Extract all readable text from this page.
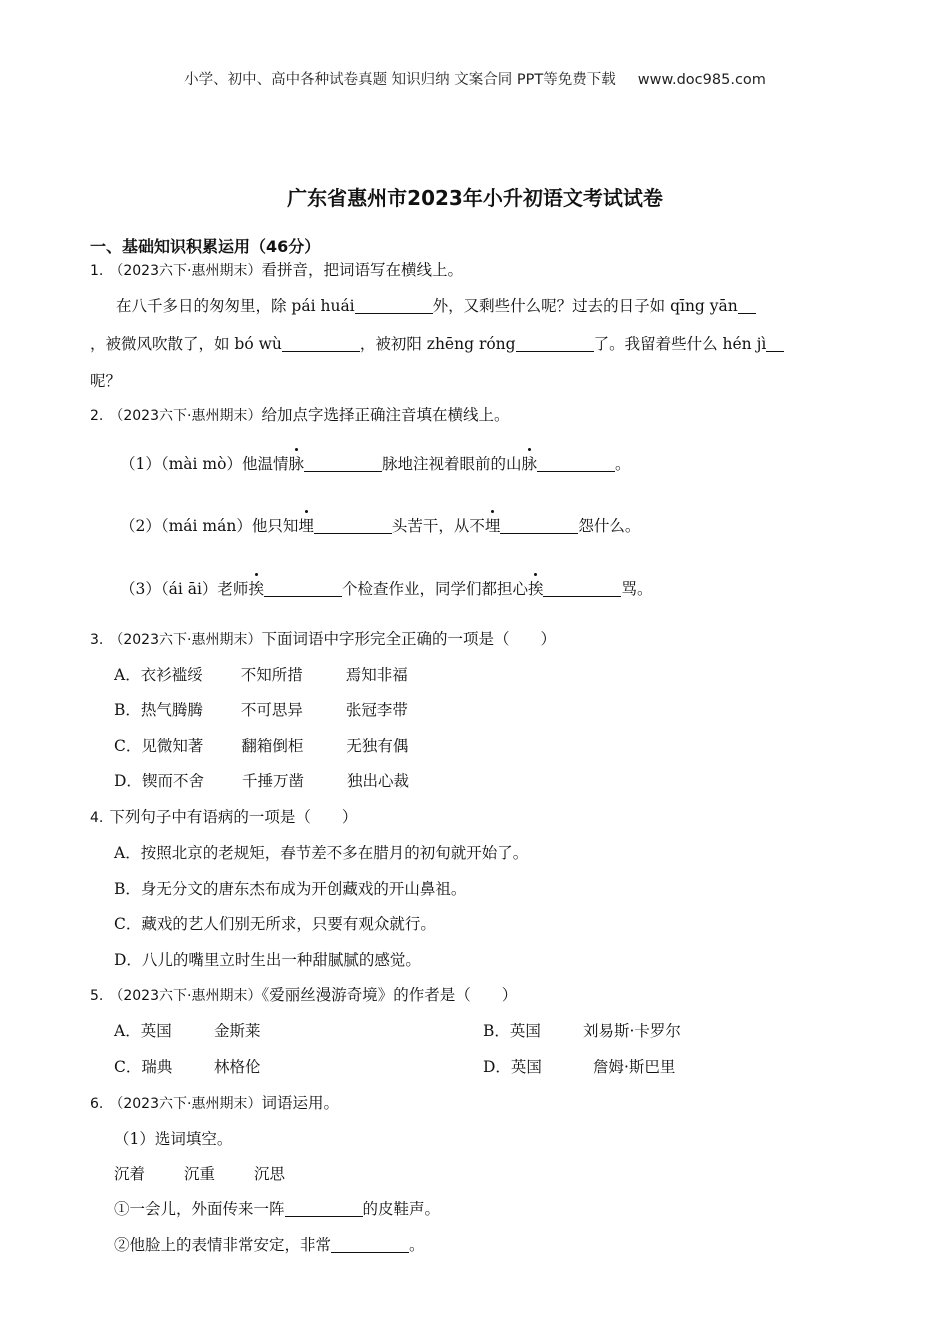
小学、初中、高中各种试卷真题 知识归纳 文案合同 PPT等免费下载 www.doc985.com
广东省惠州市2023年小升初语文考试试卷
一、基础知识积累运用（46分）
1. （2023六下·惠州期末）看拼音，把词语写在横线上。
在八千多日的匆匆里，除 pái huái	外，又剩些什么呢？过去的日子如 qīng yān
，被微风吹散了，如 bó wù	，被初阳 zhēng róng	了。我留着些什么 hén jì
呢？
2. （2023六下·惠州期末）给加点字选择正确注音填在横线上。
（1）（mài mò）他温情脉	脉地注视着眼前的山脉	。
（2）（mái mán）他只知埋	头苦干，从不埋	怨什么。
（3）（ái āi）老师挨	个检查作业，同学们都担心挨	骂。
3. （2023六下·惠州期末）下面词语中字形完全正确的一项是（　　）
A．衣衫褴绥 不知所措	焉知非福
B．热气腾腾 不可思异	张冠李带
C．见微知著 翻箱倒柜	无独有偶
D．锲而不舍 千捶万凿	独出心裁
4. 下列句子中有语病的一项是（　　）
A．按照北京的老规矩，春节差不多在腊月的初旬就开始了。
B．身无分文的唐东杰布成为开创藏戏的开山鼻祖。
C．藏戏的艺人们别无所求，只要有观众就行。
D．八儿的嘴里立时生出一种甜腻腻的感觉。
5. （2023六下·惠州期末）《爱丽丝漫游奇境》的作者是（　　）
A．英国	金斯莱	B．英国	刘易斯·卡罗尔
C．瑞典	林格伦	D．英国	詹姆·斯巴里
6. （2023六下·惠州期末）词语运用。
（1）选词填空。
沉着	沉重	沉思
①一会儿，外面传来一阵	的皮鞋声。
②他脸上的表情非常安定，非常	。
